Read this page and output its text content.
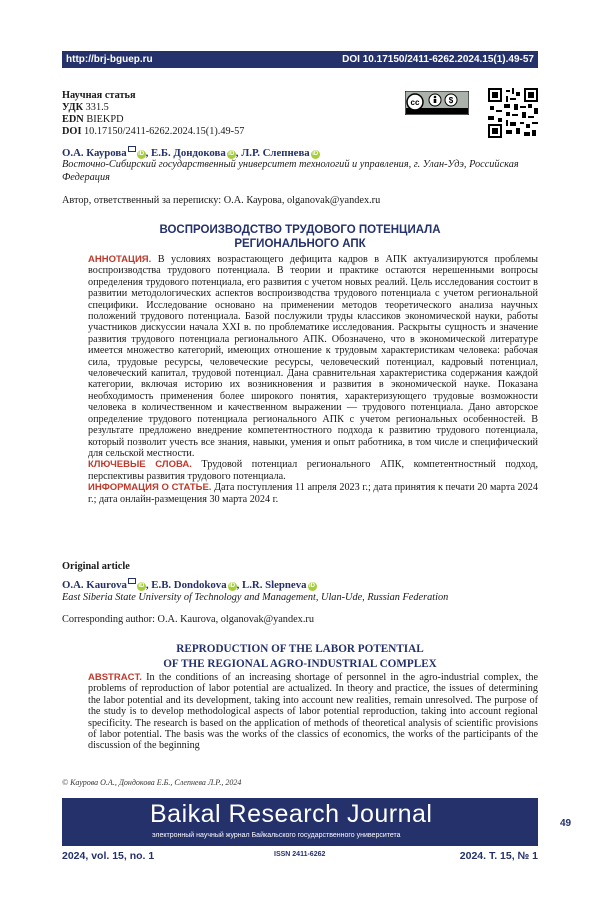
http://brj-bguep.ru	DOI 10.17150/2411-6262.2024.15(1).49-57
Научная статья
УДК 331.5
EDN BIEKPD
DOI 10.17150/2411-6262.2024.15(1).49-57
cc	$
О.А. Каурова iD , Е.Б. Дондокова iD , Л.Р. Слепнева iD
Восточно-Сибирский государственный университет технологий и управления, г. Улан-Удэ, Российская Федерация
Автор, ответственный за переписку: О.А. Каурова, olganovak@yandex.ru
ВОСПРОИЗВОДСТВО ТРУДОВОГО ПОТЕНЦИАЛА
РЕГИОНАЛЬНОГО АПК

АННОТАЦИЯ. В условиях возрастающего дефицита кадров в АПК актуализируются проблемы воспроизводства трудового потенциала. В теории и практике остаются нерешенными вопросы определения трудового потенциала, его развития с учетом новых реалий. Цель исследования состоит в развитии методологических аспектов воспроизводства трудового потенциала с учетом региональной специфики. Исследование основано на применении методов теоретического анализа научных положений трудового потенциала. Базой послужили труды классиков экономической науки, работы участников дискуссии начала XXI в. по проблематике исследования. Раскрыты сущность и значение развития трудового потенциала регионального АПК. Обозначено, что в экономической литературе имеется множество категорий, имеющих отношение к трудовым характеристикам человека: рабочая сила, трудовые ресурсы, человеческие ресурсы, человеческий потенциал, кадровый потенциал, человеческий капитал, трудовой потенциал. Дана сравнительная характеристика содержания каждой категории, включая историю их возникновения и развития в экономической науке. Показана необходимость применения более широкого понятия, характеризующего трудовые возможности человека в количественном и качественном выражении — трудового потенциала. Дано авторское определение трудового потенциала регионального АПК с учетом региональных особенностей. В результате предложено внедрение компетентностного подхода к развитию трудового потенциала, который позволит учесть все знания, навыки, умения и опыт работника, в том числе и специфический для сельской местности.

КЛЮЧЕВЫЕ СЛОВА. Трудовой потенциал регионального АПК, компетентностный подход, перспективы развития трудового потенциала.

ИНФОРМАЦИЯ О СТАТЬЕ. Дата поступления 11 апреля 2023 г.; дата принятия к печати 20 марта 2024 г.; дата онлайн-размещения 30 марта 2024 г.

Original article
O.A. Kaurova iD , E.B. Dondokova iD , L.R. Slepneva iD
East Siberia State University of Technology and Management, Ulan-Ude, Russian Federation
Corresponding author: O.A. Kaurova, olganovak@yandex.ru
REPRODUCTION OF THE LABOR POTENTIAL
OF THE REGIONAL AGRO-INDUSTRIAL COMPLEX

ABSTRACT. In the conditions of an increasing shortage of personnel in the agro-industrial complex, the problems of reproduction of labor potential are actualized. In theory and practice, the issues of determining the labor potential and its development, taking into account new realities, remain unresolved. The purpose of the study is to develop methodological aspects of labor potential reproduction, taking into account regional specificity. The research is based on the application of methods of theoretical analysis of scientific provisions of labor potential. The basis was the works of the classics of economics, the works of the participants of the discussion of the beginning

© Каурова О.А., Дондокова Е.Б., Слепнева Л.Р., 2024
Baikal Research Journal
электронный научный журнал Байкальского государственного университета
49
2024, vol. 15, no. 1	ISSN 2411-6262	2024. Т. 15, № 1
